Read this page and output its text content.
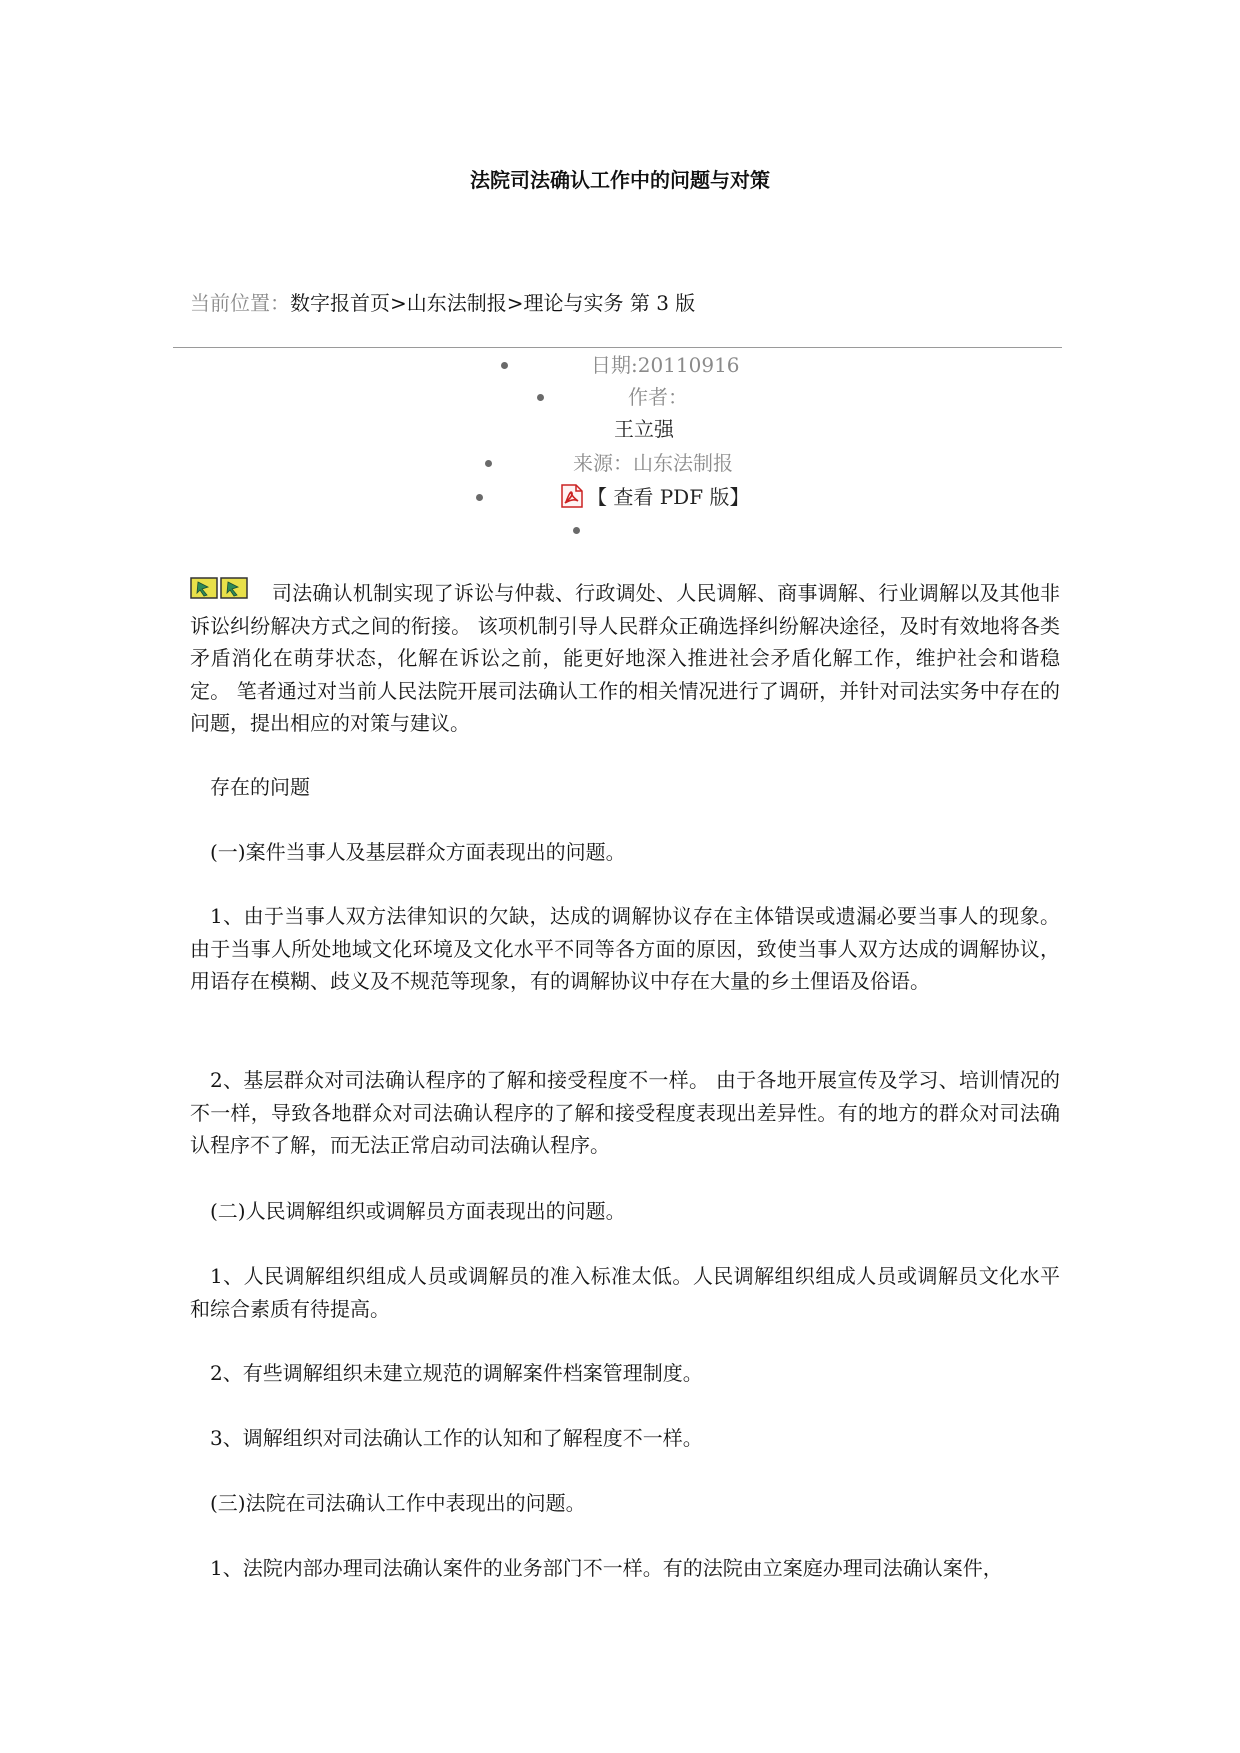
法院司法确认工作中的问题与对策
当前位置：数字报首页>山东法制报>理论与实务 第 3 版
日期:20110916
作者：
王立强
来源：山东法制报
【 查看 PDF 版】

司法确认机制实现了诉讼与仲裁、行政调处、人民调解、商事调解、行业调解以及其他非诉讼纠纷解决方式之间的衔接。 该项机制引导人民群众正确选择纠纷解决途径，及时有效地将各类矛盾消化在萌芽状态，化解在诉讼之前，能更好地深入推进社会矛盾化解工作，维护社会和谐稳定。 笔者通过对当前人民法院开展司法确认工作的相关情况进行了调研，并针对司法实务中存在的问题，提出相应的对策与建议。

存在的问题

(一)案件当事人及基层群众方面表现出的问题。

1、由于当事人双方法律知识的欠缺，达成的调解协议存在主体错误或遗漏必要当事人的现象。由于当事人所处地域文化环境及文化水平不同等各方面的原因，致使当事人双方达成的调解协议，用语存在模糊、歧义及不规范等现象，有的调解协议中存在大量的乡土俚语及俗语。

2、基层群众对司法确认程序的了解和接受程度不一样。 由于各地开展宣传及学习、培训情况的不一样，导致各地群众对司法确认程序的了解和接受程度表现出差异性。有的地方的群众对司法确认程序不了解，而无法正常启动司法确认程序。

(二)人民调解组织或调解员方面表现出的问题。

1、人民调解组织组成人员或调解员的准入标准太低。人民调解组织组成人员或调解员文化水平和综合素质有待提高。

2、有些调解组织未建立规范的调解案件档案管理制度。

3、调解组织对司法确认工作的认知和了解程度不一样。

(三)法院在司法确认工作中表现出的问题。

1、法院内部办理司法确认案件的业务部门不一样。有的法院由立案庭办理司法确认案件，
